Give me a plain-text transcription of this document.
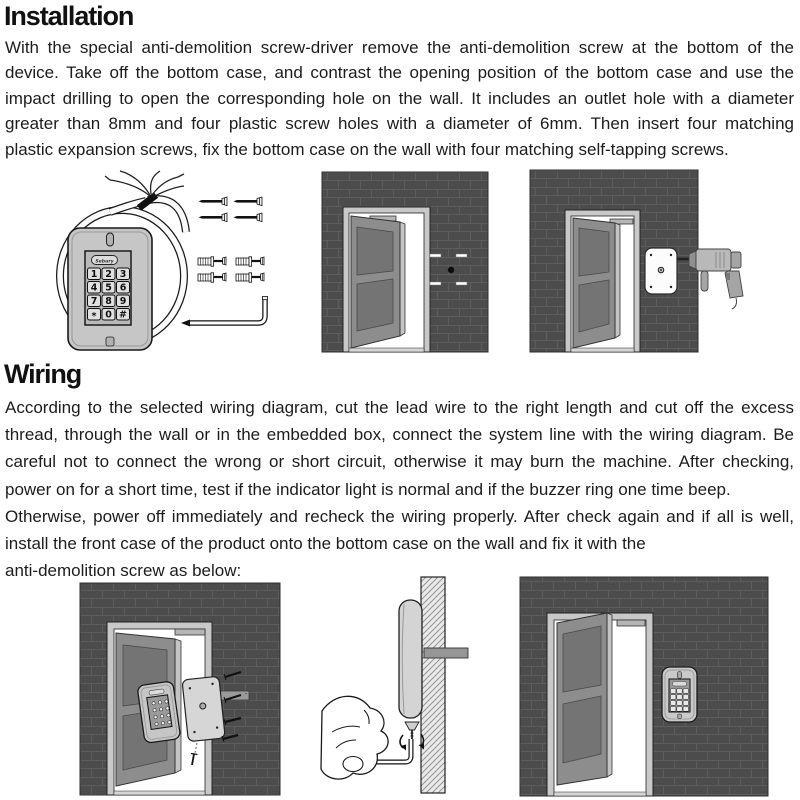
Installation
With the special anti-demolition screw-driver remove the anti-demolition screw at the bottom of the
device. Take off the bottom case, and contrast the opening position of the bottom case and use the
impact drilling to open the corresponding hole on the wall. It includes an outlet hole with a diameter
greater than 8mm and four plastic screw holes with a diameter of 6mm. Then insert four matching
plastic expansion screws, fix the bottom case on the wall with four matching self-tapping screws.
Wiring
According to the selected wiring diagram, cut the lead wire to the right length and cut off the excess
thread, through the wall or in the embedded box, connect the system line with the wiring diagram. Be
careful not to connect the wrong or short circuit, otherwise it may burn the machine. After checking,
power on for a short time, test if the indicator light is normal and if the buzzer ring one time beep.
Otherwise, power off immediately and recheck the wiring properly. After check again and if all is well,
install the front case of the product onto the bottom case on the wall and fix it with the
anti-demolition screw as below:
Sebury
1 2 3
4 5 6
7 8 9
* 0 #
